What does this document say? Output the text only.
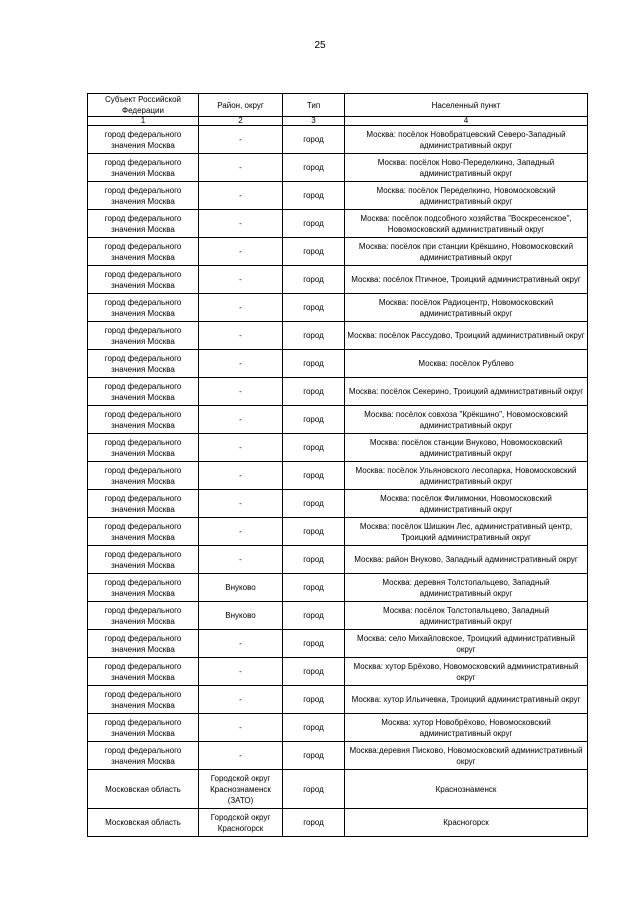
25
Субъект Российской Федерации	Район, округ	Тип	Населенный пункт
1	2	3	4
город федерального значения Москва	-	город	Москва: посёлок Новобратцевский Северо-Западный административный округ
город федерального значения Москва	-	город	Москва: посёлок Ново-Переделкино, Западный административный округ
город федерального значения Москва	-	город	Москва: посёлок Переделкино, Новомосковский административный округ
город федерального значения Москва	-	город	Москва: посёлок подсобного хозяйства "Воскресенское", Новомосковский административный округ
город федерального значения Москва	-	город	Москва: посёлок при станции Крёкшино, Новомосковский административный округ
город федерального значения Москва	-	город	Москва: посёлок Птичное, Троицкий административный округ
город федерального значения Москва	-	город	Москва: посёлок Радиоцентр, Новомосковский административный округ
город федерального значения Москва	-	город	Москва: посёлок Рассудово, Троицкий административный округ
город федерального значения Москва	-	город	Москва: посёлок Рублево
город федерального значения Москва	-	город	Москва: посёлок Секерино, Троицкий административный округ
город федерального значения Москва	-	город	Москва: посёлок совхоза "Крёкшино", Новомосковский административный округ
город федерального значения Москва	-	город	Москва: посёлок станции Внуково, Новомосковский административный округ
город федерального значения Москва	-	город	Москва: посёлок Ульяновского лесопарка, Новомосковский административный округ
город федерального значения Москва	-	город	Москва: посёлок Филимонки, Новомосковский административный округ
город федерального значения Москва	-	город	Москва: посёлок Шишкин Лес, административный центр, Троицкий административный округ
город федерального значения Москва	-	город	Москва: район Внуково, Западный административный округ
город федерального значения Москва	Внуково	город	Москва: деревня Толстопальцево, Западный административный округ
город федерального значения Москва	Внуково	город	Москва: посёлок Толстопальцево, Западный административный округ
город федерального значения Москва	-	город	Москва: село Михайловское, Троицкий административный округ
город федерального значения Москва	-	город	Москва: хутор Брёхово, Новомосковский административный округ
город федерального значения Москва	-	город	Москва: хутор Ильичевка, Троицкий административный округ
город федерального значения Москва	-	город	Москва: хутор Новобрёхово, Новомосковский административный округ
город федерального значения Москва	-	город	Москва:деревня Писково, Новомосковский административный округ
Московская область	Городской округ Краснознаменск (ЗАТО)	город	Краснознаменск
Московская область	Городской округ Красногорск	город	Красногорск
